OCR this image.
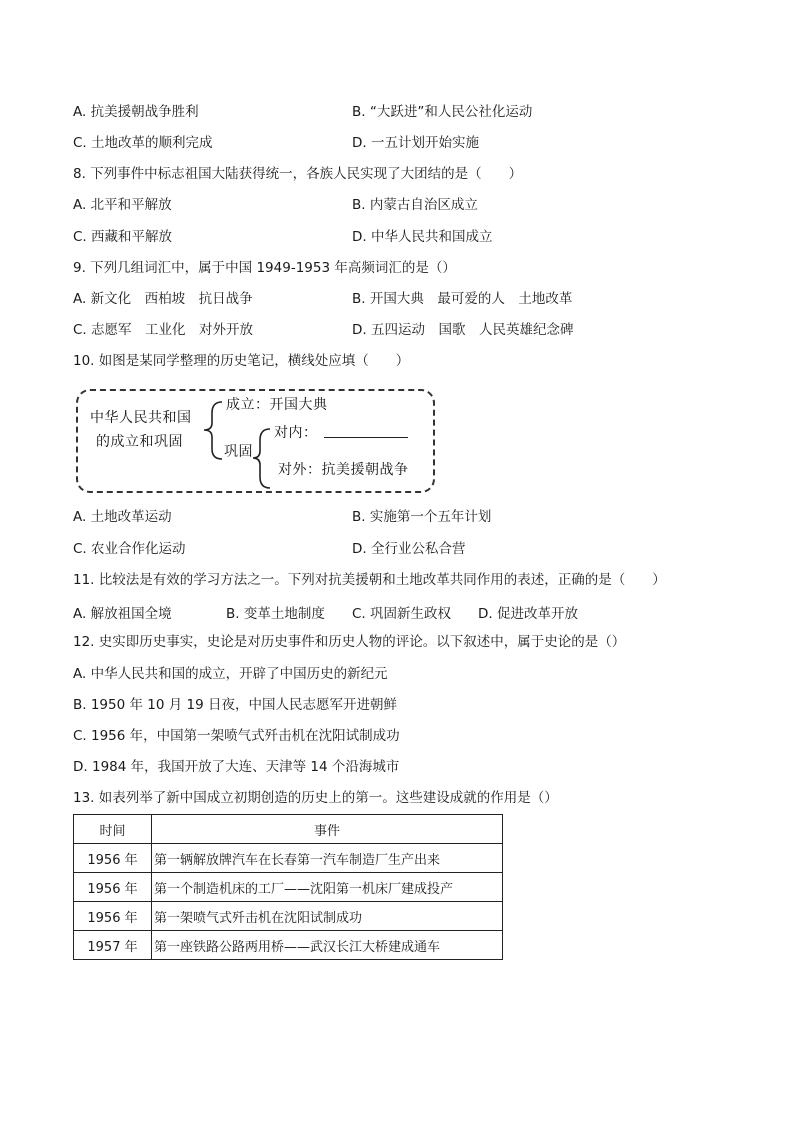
A. 抗美援朝战争胜利	B. “大跃进”和人民公社化运动
C. 土地改革的顺利完成	D. 一五计划开始实施
8. 下列事件中标志祖国大陆获得统一，各族人民实现了大团结的是（　　）
A. 北平和平解放	B. 内蒙古自治区成立
C. 西藏和平解放	D. 中华人民共和国成立
9. 下列几组词汇中，属于中国 1949-1953 年高频词汇的是（）
A. 新文化　西柏坡　抗日战争	B. 开国大典　最可爱的人　土地改革
C. 志愿军　工业化　对外开放	D. 五四运动　国歌　人民英雄纪念碑
10. 如图是某同学整理的历史笔记，横线处应填（　　）
中华人民共和国
的成立和巩固
成立：开国大典
巩固
对内：
对外：抗美援朝战争
A. 土地改革运动	B. 实施第一个五年计划
C. 农业合作化运动	D. 全行业公私合营
11. 比较法是有效的学习方法之一。下列对抗美援朝和土地改革共同作用的表述，正确的是（　　）
A. 解放祖国全境	B. 变革土地制度 C. 巩固新生政权 D. 促进改革开放
12. 史实即历史事实，史论是对历史事件和历史人物的评论。以下叙述中，属于史论的是（）
A. 中华人民共和国的成立，开辟了中国历史的新纪元
B. 1950 年 10 月 19 日夜，中国人民志愿军开进朝鲜
C. 1956 年，中国第一架喷气式歼击机在沈阳试制成功
D. 1984 年，我国开放了大连、天津等 14 个沿海城市
13. 如表列举了新中国成立初期创造的历史上的第一。这些建设成就的作用是（）
时间	事件
1956 年	第一辆解放牌汽车在长春第一汽车制造厂生产出来
1956 年	第一个制造机床的工厂——沈阳第一机床厂建成投产
1956 年	第一架喷气式歼击机在沈阳试制成功
1957 年	第一座铁路公路两用桥——武汉长江大桥建成通车
